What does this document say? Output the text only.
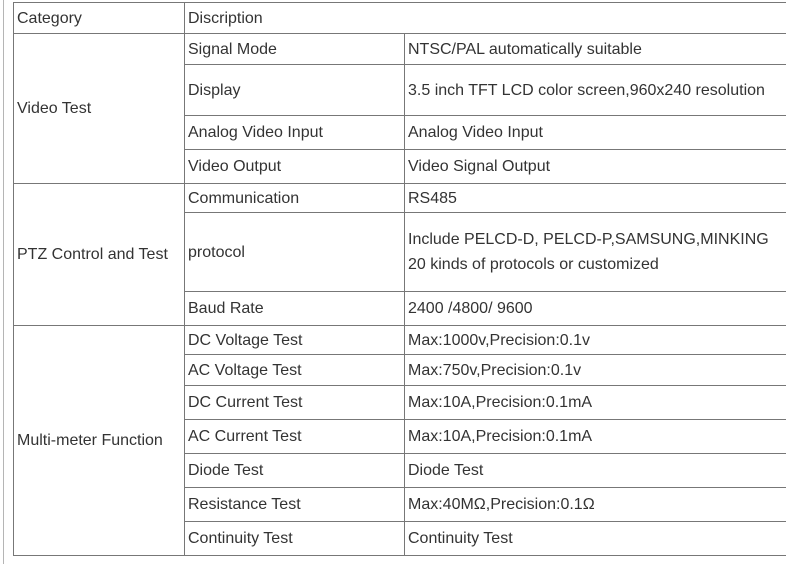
Category	Discription	
Video Test	Signal Mode	NTSC/PAL automatically suitable
	Display	3.5 inch TFT LCD color screen,960x240 resolution
	Analog Video Input	Analog Video Input
	Video Output	Video Signal Output
PTZ Control and Test	Communication	RS485
	protocol	Include PELCD-D, PELCD-P,SAMSUNG,MINKING 20 kinds of protocols or customized
	Baud Rate	2400 /4800/ 9600
Multi-meter Function	DC Voltage Test	Max:1000v,Precision:0.1v
	AC Voltage Test	Max:750v,Precision:0.1v
	DC Current Test	Max:10A,Precision:0.1mA
	AC Current Test	Max:10A,Precision:0.1mA
	Diode Test	Diode Test
	Resistance Test	Max:40MΩ,Precision:0.1Ω
	Continuity Test	Continuity Test
